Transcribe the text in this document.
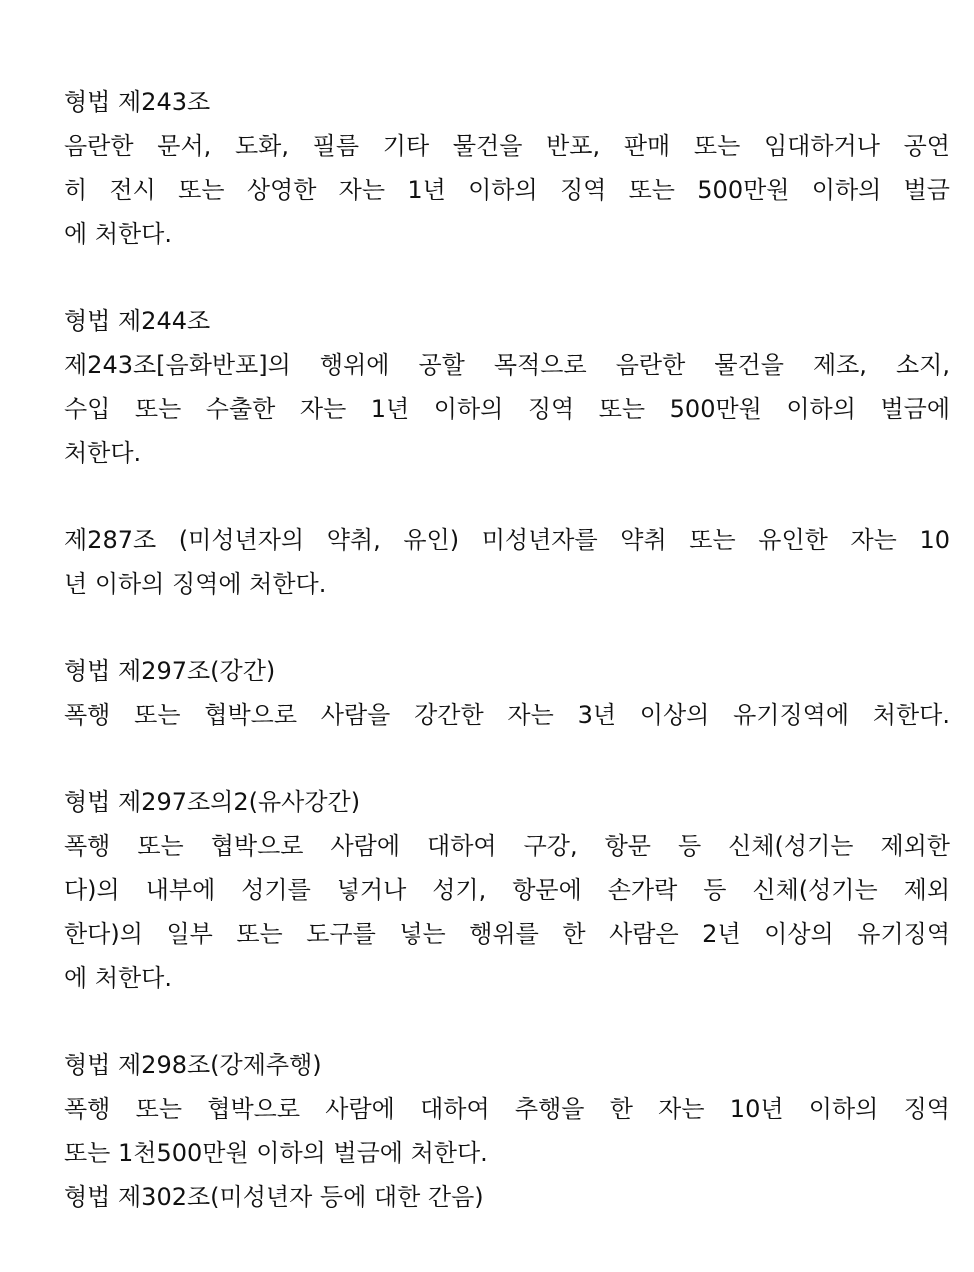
형법 제243조
음란한 문서, 도화, 필름 기타 물건을 반포, 판매 또는 임대하거나 공연
히 전시 또는 상영한 자는 1년 이하의 징역 또는 500만원 이하의 벌금
에 처한다.
형법 제244조
제243조[음화반포]의 행위에 공할 목적으로 음란한 물건을 제조, 소지,
수입 또는 수출한 자는 1년 이하의 징역 또는 500만원 이하의 벌금에
처한다.
제287조 (미성년자의 약취, 유인) 미성년자를 약취 또는 유인한 자는 10
년 이하의 징역에 처한다.
형법 제297조(강간)
폭행 또는 협박으로 사람을 강간한 자는 3년 이상의 유기징역에 처한다.
형법 제297조의2(유사강간)
폭행 또는 협박으로 사람에 대하여 구강, 항문 등 신체(성기는 제외한
다)의 내부에 성기를 넣거나 성기, 항문에 손가락 등 신체(성기는 제외
한다)의 일부 또는 도구를 넣는 행위를 한 사람은 2년 이상의 유기징역
에 처한다.
형법 제298조(강제추행)
폭행 또는 협박으로 사람에 대하여 추행을 한 자는 10년 이하의 징역
또는 1천500만원 이하의 벌금에 처한다.
형법 제302조(미성년자 등에 대한 간음)
